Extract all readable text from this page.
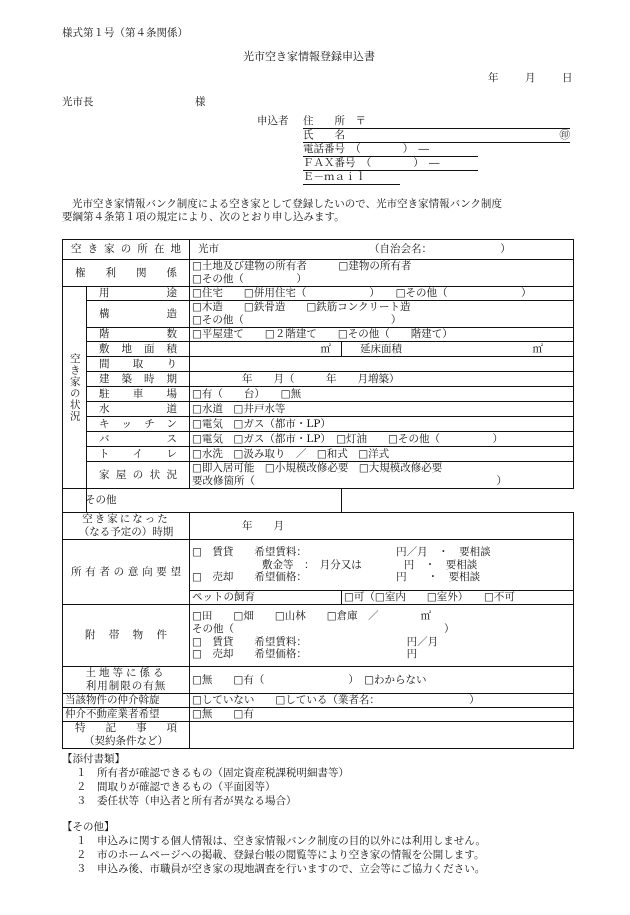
様式第１号（第４条関係）
光市空き家情報登録申込書
年	月	日
光市長	様
申込者 住　　所　〒
氏　　名	㊞
電話番号　（　　　　）　―
ＦＡＸ番号　（　　　　）　―
Ｅ－ｍａｉｌ
光市空き家情報バンク制度による空き家として登録したいので、光市空き家情報バンク制度
要綱第４条第１項の規定により、次のとおり申し込みます。
空き家の所在地		光市 （自治会名：　　　　　　　）	
権利関係		□土地及び建物の所有者　　　□建物の所有者
□その他（　　　　　）	

空き家の状況	用途	□住宅　　□併用住宅（　　　　　　）　　□その他（　　　　　　　）	
	構造	□木造　　□鉄骨造　　□鉄筋コンクリート造
□その他（　　　　　　　　　　　　　　）	

	階数	□平屋建て　　□２階建て　　□その他（　　階建て）	
	敷地面積	㎡	延床面積 ㎡

	間取り		
	建築時期	年　　月（　　　年　　月増築）	
	駐車場	□有（　　台）　　□無	
	水道	□水道　□井戸水等	
	キッチン	□電気　□ガス（都市・LP）	
	バス	□電気　□ガス（都市・LP）　□灯油　　□その他（　　　　　）	
	トイレ	□水洗　□汲み取り　／　□和式　□洋式	
	家屋の状況	□即入居可能　□小規模改修必要　□大規模改修必要
要改修箇所（　　　　　　　　　　　　　　　　　　　　　　　）	

その他			

空き家になった
（なる予定の）時期		年　　月	
所有者の意向要望		□　賃貸　　希望賃料：　　　　　　　　　円／月　・　要相談
敷金等　：　月分又は　　　　円　・　要相談
□　売却　　希望価格：　　　　　　　　　円　　・　要相談	

		ペットの飼育	□可（□室内　　□室外）　　□不可
附帯物件		□田　　□畑　　□山林　　□倉庫　／　　　　㎡
その他（　　　　　　　　　　　　　　　　　　　　）
□　賃貸　　希望賃料：　　　　　　　　　　円／月
□　売却　　希望価格：　　　　　　　　　　円	

土地等に係る
利用制限の有無		□無　　□有（　　　　　　　　）　□わからない	
当該物件の仲介斡旋		□していない　　□している（業者名：　　　　　　　　　）	
仲介不動産業者希望		□無　　□有	

特記事項
（契約条件など）			

【添付書類】
１　所有者が確認できるもの（固定資産税課税明細書等）
２　間取りが確認できるもの（平面図等）
３　委任状等（申込者と所有者が異なる場合）
【その他】
１　申込みに関する個人情報は、空き家情報バンク制度の目的以外には利用しません。
２　市のホームページへの掲載、登録台帳の閲覧等により空き家の情報を公開します。
３　申込み後、市職員が空き家の現地調査を行いますので、立会等にご協力ください。
